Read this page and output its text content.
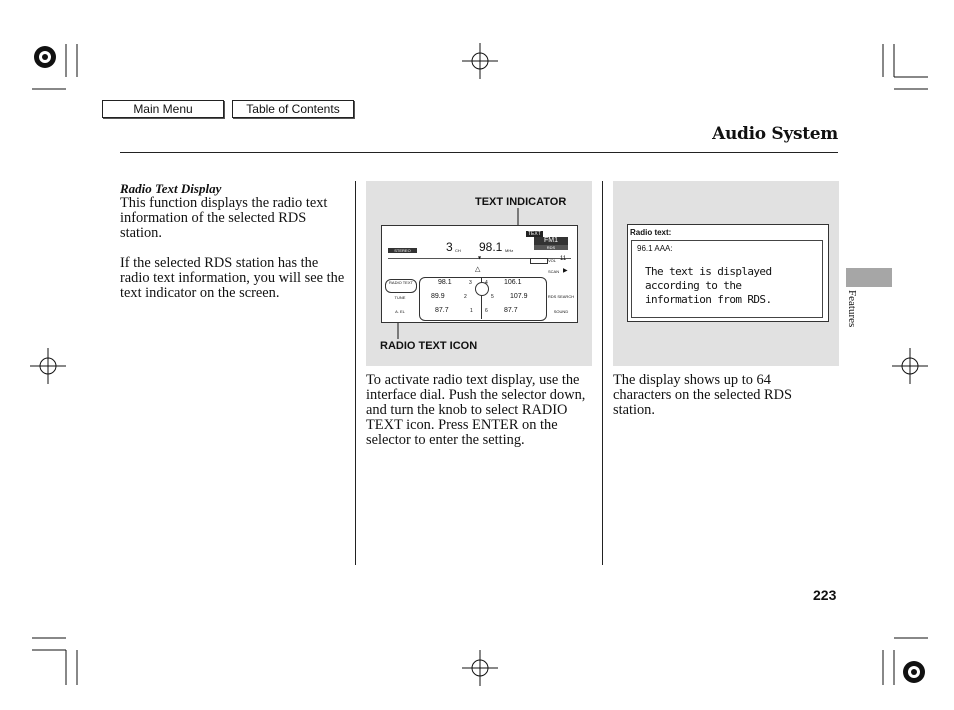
Main Menu	Table of Contents
Audio System
Radio Text Display
This function displays the radio text information of the selected RDS station.
If the selected RDS station has the radio text information, you will see the text indicator on the screen.
TEXT INDICATOR
RADIO TEXT ICON
TEXT
FM1
RDS
STEREO	3 CH 98.1 MHz
▼
VOL 11
△	SCAN ▶
RADIO TEXT
TUNE
A. EL
98.1	3
89.9	2
87.7	1
4 106.1
5 107.9
6 87.7
RDS SEARCH
SOUND
To activate radio text display, use the interface dial. Push the selector down, and turn the knob to select RADIO TEXT icon. Press ENTER on the selector to enter the setting.
Radio text:
96.1 AAA:
The text is displayed
according to the
information from RDS.
The display shows up to 64 characters on the selected RDS station.
Features
223
